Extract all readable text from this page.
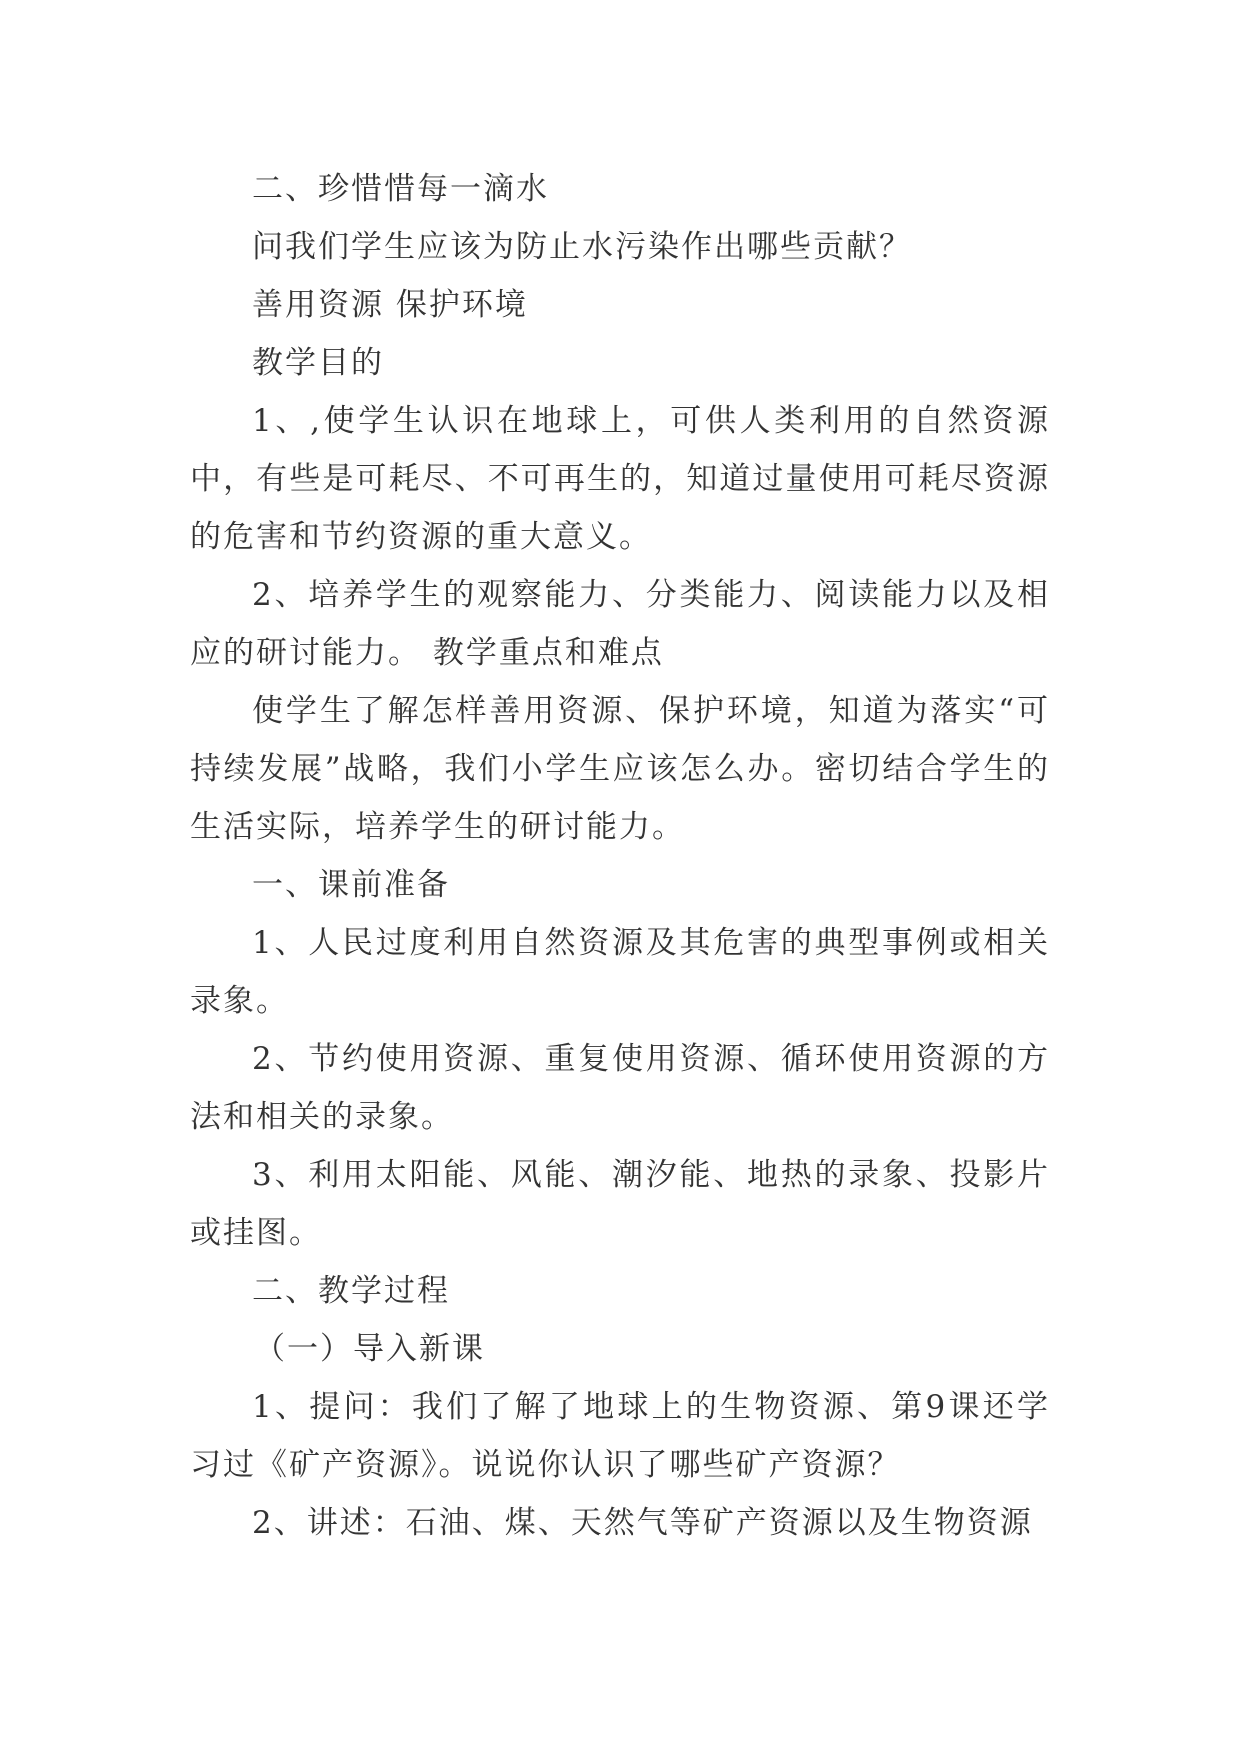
二、珍惜惜每一滴水

问我们学生应该为防止水污染作出哪些贡献？

善用资源 保护环境

教学目的

1、,使学生认识在地球上，可供人类利用的自然资源中，有些是可耗尽、不可再生的，知道过量使用可耗尽资源的危害和节约资源的重大意义。

2、培养学生的观察能力、分类能力、阅读能力以及相应的研讨能力。 教学重点和难点

使学生了解怎样善用资源、保护环境，知道为落实“可持续发展”战略，我们小学生应该怎么办。密切结合学生的生活实际，培养学生的研讨能力。

一、课前准备

1、人民过度利用自然资源及其危害的典型事例或相关录象。

2、节约使用资源、重复使用资源、循环使用资源的方法和相关的录象。

3、利用太阳能、风能、潮汐能、地热的录象、投影片或挂图。

二、教学过程

（一）导入新课

1、提问：我们了解了地球上的生物资源、第9课还学习过《矿产资源》。说说你认识了哪些矿产资源？

2、讲述：石油、煤、天然气等矿产资源以及生物资源
